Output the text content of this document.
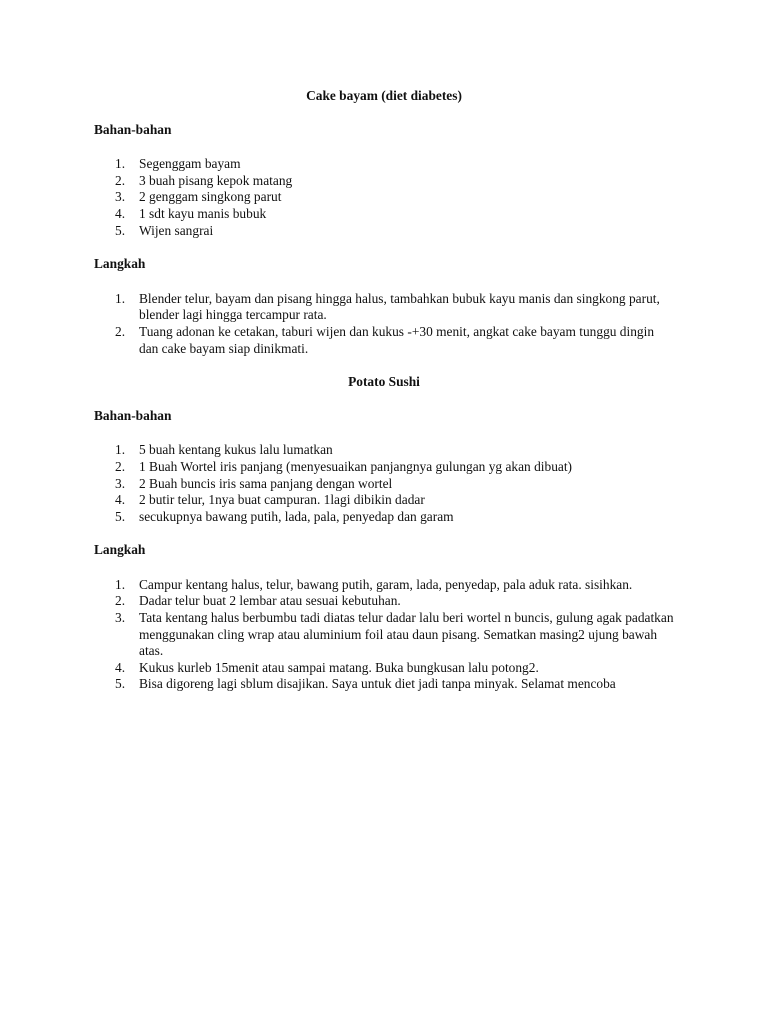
Cake bayam (diet diabetes)
Bahan-bahan
1. Segenggam bayam
2. 3 buah pisang kepok matang
3. 2 genggam singkong parut
4. 1 sdt kayu manis bubuk
5. Wijen sangrai
Langkah
1. Blender telur, bayam dan pisang hingga halus, tambahkan bubuk kayu manis dan singkong parut, blender lagi hingga tercampur rata.
2. Tuang adonan ke cetakan, taburi wijen dan kukus -+30 menit, angkat cake bayam tunggu dingin dan cake bayam siap dinikmati.
Potato Sushi
Bahan-bahan
1. 5 buah kentang kukus lalu lumatkan
2. 1 Buah Wortel iris panjang (menyesuaikan panjangnya gulungan yg akan dibuat)
3. 2 Buah buncis iris sama panjang dengan wortel
4. 2 butir telur, 1nya buat campuran. 1lagi dibikin dadar
5. secukupnya bawang putih, lada, pala, penyedap dan garam
Langkah
1. Campur kentang halus, telur, bawang putih, garam, lada, penyedap, pala aduk rata. sisihkan.
2. Dadar telur buat 2 lembar atau sesuai kebutuhan.
3. Tata kentang halus berbumbu tadi diatas telur dadar lalu beri wortel n buncis, gulung agak padatkan menggunakan cling wrap atau aluminium foil atau daun pisang. Sematkan masing2 ujung bawah atas.
4. Kukus kurleb 15menit atau sampai matang. Buka bungkusan lalu potong2.
5. Bisa digoreng lagi sblum disajikan. Saya untuk diet jadi tanpa minyak. Selamat mencoba
